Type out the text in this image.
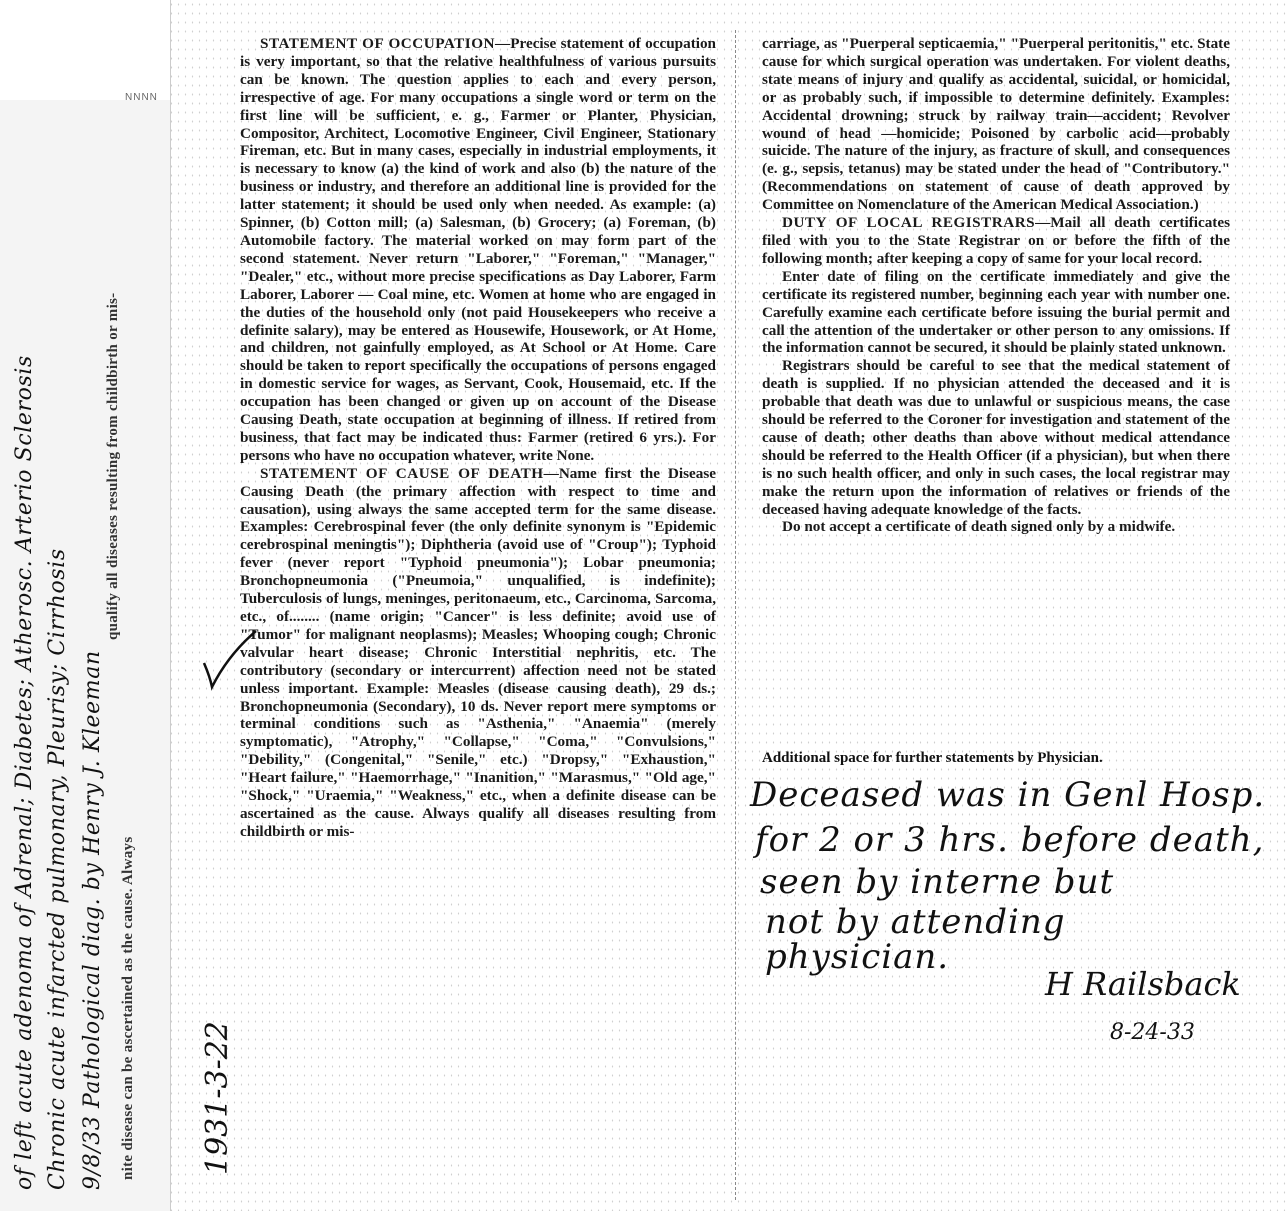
NNNN
nite disease can be ascertained as the cause. Always
qualify all diseases resulting from childbirth or mis-
9/8/33 Pathological diag. by Henry J. Kleeman
Chronic acute infarcted pulmonary, Pleurisy; Cirrhosis
of left acute adenoma of Adrenal; Diabetes; Atherosc. Arterio Sclerosis

STATEMENT OF OCCUPATION—Precise statement of occupation is very important, so that the relative healthfulness of various pursuits can be known. The question applies to each and every person, irrespective of age. For many occupations a single word or term on the first line will be sufficient, e. g., Farmer or Planter, Physician, Compositor, Architect, Locomotive Engineer, Civil Engineer, Stationary Fireman, etc. But in many cases, especially in industrial employments, it is necessary to know (a) the kind of work and also (b) the nature of the business or industry, and therefore an additional line is provided for the latter statement; it should be used only when needed. As example: (a) Spinner, (b) Cotton mill; (a) Salesman, (b) Grocery; (a) Foreman, (b) Automobile factory. The material worked on may form part of the second statement. Never return "Laborer," "Foreman," "Manager," "Dealer," etc., without more precise specifications as Day Laborer, Farm Laborer, Laborer — Coal mine, etc. Women at home who are engaged in the duties of the household only (not paid Housekeepers who receive a definite salary), may be entered as Housewife, Housework, or At Home, and children, not gainfully employed, as At School or At Home. Care should be taken to report specifically the occupations of persons engaged in domestic service for wages, as Servant, Cook, Housemaid, etc. If the occupation has been changed or given up on account of the Disease Causing Death, state occupation at beginning of illness. If retired from business, that fact may be indicated thus: Farmer (retired 6 yrs.). For persons who have no occupation whatever, write None.

STATEMENT OF CAUSE OF DEATH—Name first the Disease Causing Death (the primary affection with respect to time and causation), using always the same accepted term for the same disease. Examples: Cerebrospinal fever (the only definite synonym is "Epidemic cerebrospinal meningtis"); Diphtheria (avoid use of "Croup"); Typhoid fever (never report "Typhoid pneumonia"); Lobar pneumonia; Bronchopneumonia ("Pneumoia," unqualified, is indefinite); Tuberculosis of lungs, meninges, peritonaeum, etc., Carcinoma, Sarcoma, etc., of........ (name origin; "Cancer" is less definite; avoid use of "Tumor" for malignant neoplasms); Measles; Whooping cough; Chronic valvular heart disease; Chronic Interstitial nephritis, etc. The contributory (secondary or intercurrent) affection need not be stated unless important. Example: Measles (disease causing death), 29 ds.; Bronchopneumonia (Secondary), 10 ds. Never report mere symptoms or terminal conditions such as "Asthenia," "Anaemia" (merely symptomatic), "Atrophy," "Collapse," "Coma," "Convulsions," "Debility," (Congenital," "Senile," etc.) "Dropsy," "Exhaustion," "Heart failure," "Haemorrhage," "Inanition," "Marasmus," "Old age," "Shock," "Uraemia," "Weakness," etc., when a definite disease can be ascertained as the cause. Always qualify all diseases resulting from childbirth or mis-

carriage, as "Puerperal septicaemia," "Puerperal peritonitis," etc. State cause for which surgical operation was undertaken. For violent deaths, state means of injury and qualify as accidental, suicidal, or homicidal, or as probably such, if impossible to determine definitely. Examples: Accidental drowning; struck by railway train—accident; Revolver wound of head —homicide; Poisoned by carbolic acid—probably suicide. The nature of the injury, as fracture of skull, and consequences (e. g., sepsis, tetanus) may be stated under the head of "Contributory." (Recommendations on statement of cause of death approved by Committee on Nomenclature of the American Medical Association.)

DUTY OF LOCAL REGISTRARS—Mail all death certificates filed with you to the State Registrar on or before the fifth of the following month; after keeping a copy of same for your local record.

Enter date of filing on the certificate immediately and give the certificate its registered number, beginning each year with number one. Carefully examine each certificate before issuing the burial permit and call the attention of the undertaker or other person to any omissions. If the information cannot be secured, it should be plainly stated unknown.

Registrars should be careful to see that the medical statement of death is supplied. If no physician attended the deceased and it is probable that death was due to unlawful or suspicious means, the case should be referred to the Coroner for investigation and statement of the cause of death; other deaths than above without medical attendance should be referred to the Health Officer (if a physician), but when there is no such health officer, and only in such cases, the local registrar may make the return upon the information of relatives or friends of the deceased having adequate knowledge of the facts.

Do not accept a certificate of death signed only by a midwife.

Additional space for further statements by Physician.
Deceased was in Genl Hosp.
for 2 or 3 hrs. before death,
seen by interne but
not by attending
physician.
H Railsback
8-24-33
1931-3-22
